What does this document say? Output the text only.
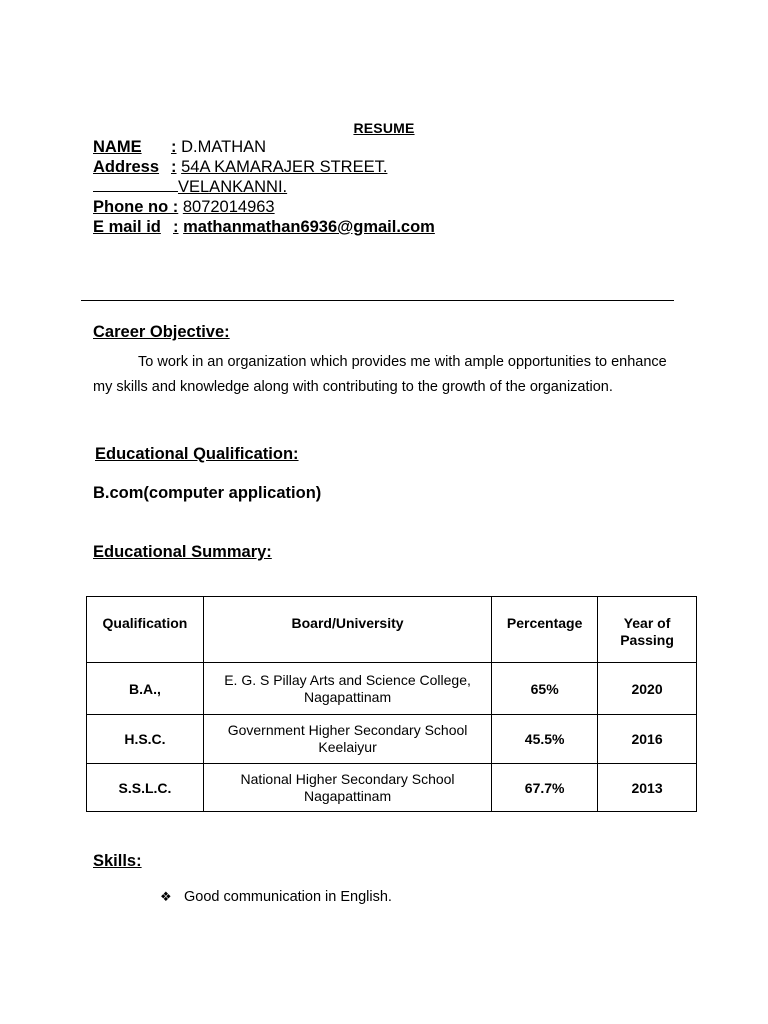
RESUME
NAME : D.MATHAN
Address : 54A KAMARAJER STREET.
VELANKANNI.
Phone no : 8072014963
E mail id : mathanmathan6936@gmail.com
Career Objective:
To work in an organization which provides me with ample opportunities to enhance my skills and knowledge along with contributing to the growth of the organization.
Educational Qualification:
B.com(computer application)
Educational Summary:
Qualification	Board/University	Percentage	Year of Passing
B.A.,	E. G. S Pillay Arts and Science College, Nagapattinam	65%	2020
H.S.C.	Government Higher Secondary School Keelaiyur	45.5%	2016
S.S.L.C.	National Higher Secondary School Nagapattinam	67.7%	2013
Skills:
❖ Good communication in English.
